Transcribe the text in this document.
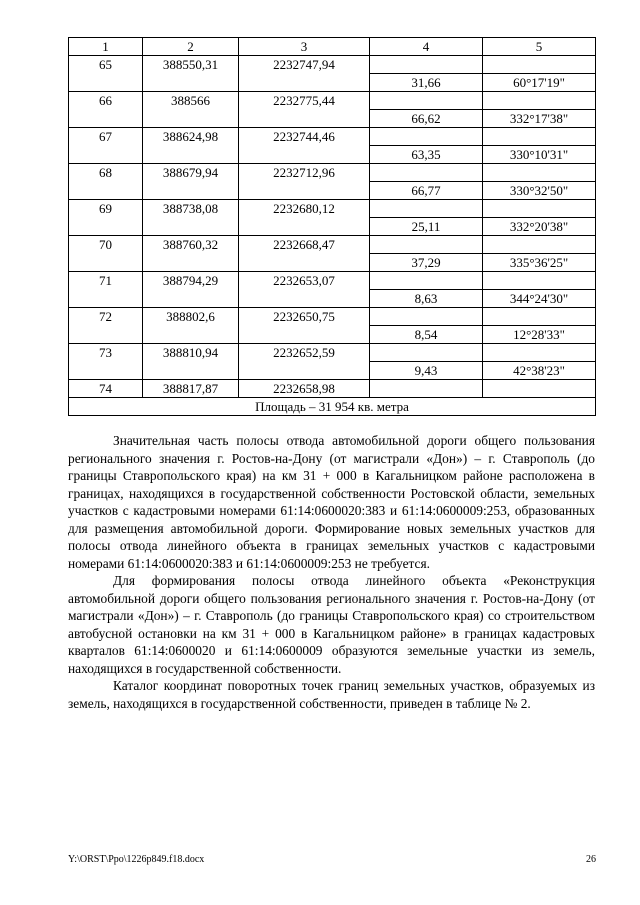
1	2	3	4	5
65	388550,31	2232747,94		
			31,66	60°17'19"
66	388566	2232775,44		
			66,62	332°17'38"
67	388624,98	2232744,46		
			63,35	330°10'31"
68	388679,94	2232712,96		
			66,77	330°32'50"
69	388738,08	2232680,12		
			25,11	332°20'38"
70	388760,32	2232668,47		
			37,29	335°36'25"
71	388794,29	2232653,07		
			8,63	344°24'30"
72	388802,6	2232650,75		
			8,54	12°28'33"
73	388810,94	2232652,59		
			9,43	42°38'23"
74	388817,87	2232658,98		
Площадь – 31 954 кв. метра				

Значительная часть полосы отвода автомобильной дороги общего пользования регионального значения г. Ростов-на-Дону (от магистрали «Дон») – г. Ставрополь (до границы Ставропольского края) на км 31 + 000 в Кагальницком районе расположена в границах, находящихся в государственной собственности Ростовской области, земельных участков с кадастровыми номерами 61:14:0600020:383 и 61:14:0600009:253, образованных для размещения автомобильной дороги. Формирование новых земельных участков для полосы отвода линейного объекта в границах земельных участков с кадастровыми номерами 61:14:0600020:383 и 61:14:0600009:253 не требуется.

Для формирования полосы отвода линейного объекта «Реконструкция автомобильной дороги общего пользования регионального значения г. Ростов-на-Дону (от магистрали «Дон») – г. Ставрополь (до границы Ставропольского края) со строительством автобусной остановки на км 31 + 000 в Кагальницком районе» в границах кадастровых кварталов 61:14:0600020 и 61:14:0600009 образуются земельные участки из земель, находящихся в государственной собственности.

Каталог координат поворотных точек границ земельных участков, образуемых из земель, находящихся в государственной собственности, приведен в таблице № 2.

Y:\ORST\Ppo\1226p849.f18.docx	26
